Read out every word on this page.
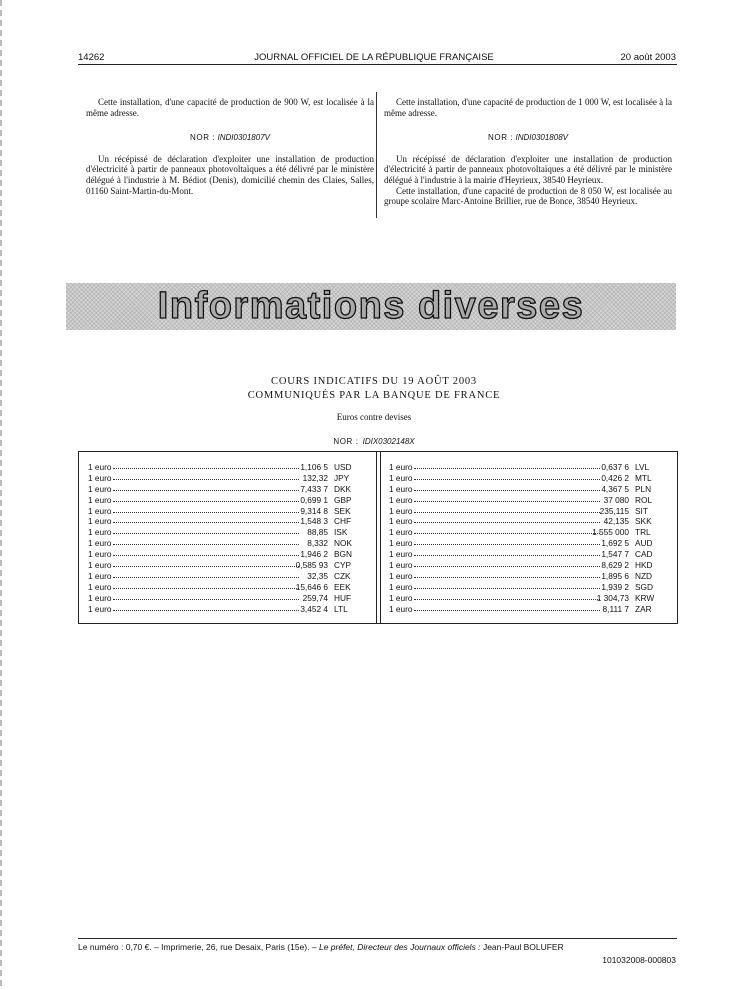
14262	JOURNAL OFFICIEL DE LA RÉPUBLIQUE FRANÇAISE	20 août 2003

Cette installation, d'une capacité de production de 900 W, est localisée à la même adresse.

NOR : INDI0301807V

Un récépissé de déclaration d'exploiter une installation de production d'électricité à partir de panneaux photovoltaïques a été délivré par le ministère délégué à l'industrie à M. Bédiot (Denis), domicilié chemin des Claies, Salles, 01160 Saint-Martin-du-Mont.

Cette installation, d'une capacité de production de 1 000 W, est localisée à la même adresse.

NOR : INDI0301808V

Un récépissé de déclaration d'exploiter une installation de production d'électricité à partir de panneaux photovoltaïques a été délivré par le ministère délégué à l'industrie à la mairie d'Heyrieux, 38540 Heyrieux.

Cette installation, d'une capacité de production de 8 050 W, est localisée au groupe scolaire Marc-Antoine Brillier, rue de Bonce, 38540 Heyrieux.

Informations diverses
COURS INDICATIFS DU 19 AOÛT 2003
COMMUNIQUÉS PAR LA BANQUE DE FRANCE
Euros contre devises
NOR : IDIX0302148X
1 euro	1,106 5 USD
1 euro	132,32 JPY
1 euro	7,433 7 DKK
1 euro	0,699 1 GBP
1 euro	9,314 8 SEK
1 euro	1,548 3 CHF
1 euro	88,85 ISK
1 euro	8,332 NOK
1 euro	1,946 2 BGN
1 euro	0,585 93 CYP
1 euro	32,35 CZK
1 euro	15,646 6 EEK
1 euro	259,74 HUF
1 euro	3,452 4 LTL
1 euro	0,637 6 LVL
1 euro	0,426 2 MTL
1 euro	4,367 5 PLN
1 euro	37 080 ROL
1 euro	235,115 SIT
1 euro	42,135 SKK
1 euro	1 555 000 TRL
1 euro	1,692 5 AUD
1 euro	1,547 7 CAD
1 euro	8,629 2 HKD
1 euro	1,895 6 NZD
1 euro	1,939 2 SGD
1 euro	1 304,73 KRW
1 euro	8,111 7 ZAR
Le numéro : 0,70 €. – Imprimerie, 26, rue Desaix, Paris (15e). – Le préfet, Directeur des Journaux officiels : Jean-Paul BOLUFER
101032008-000803
